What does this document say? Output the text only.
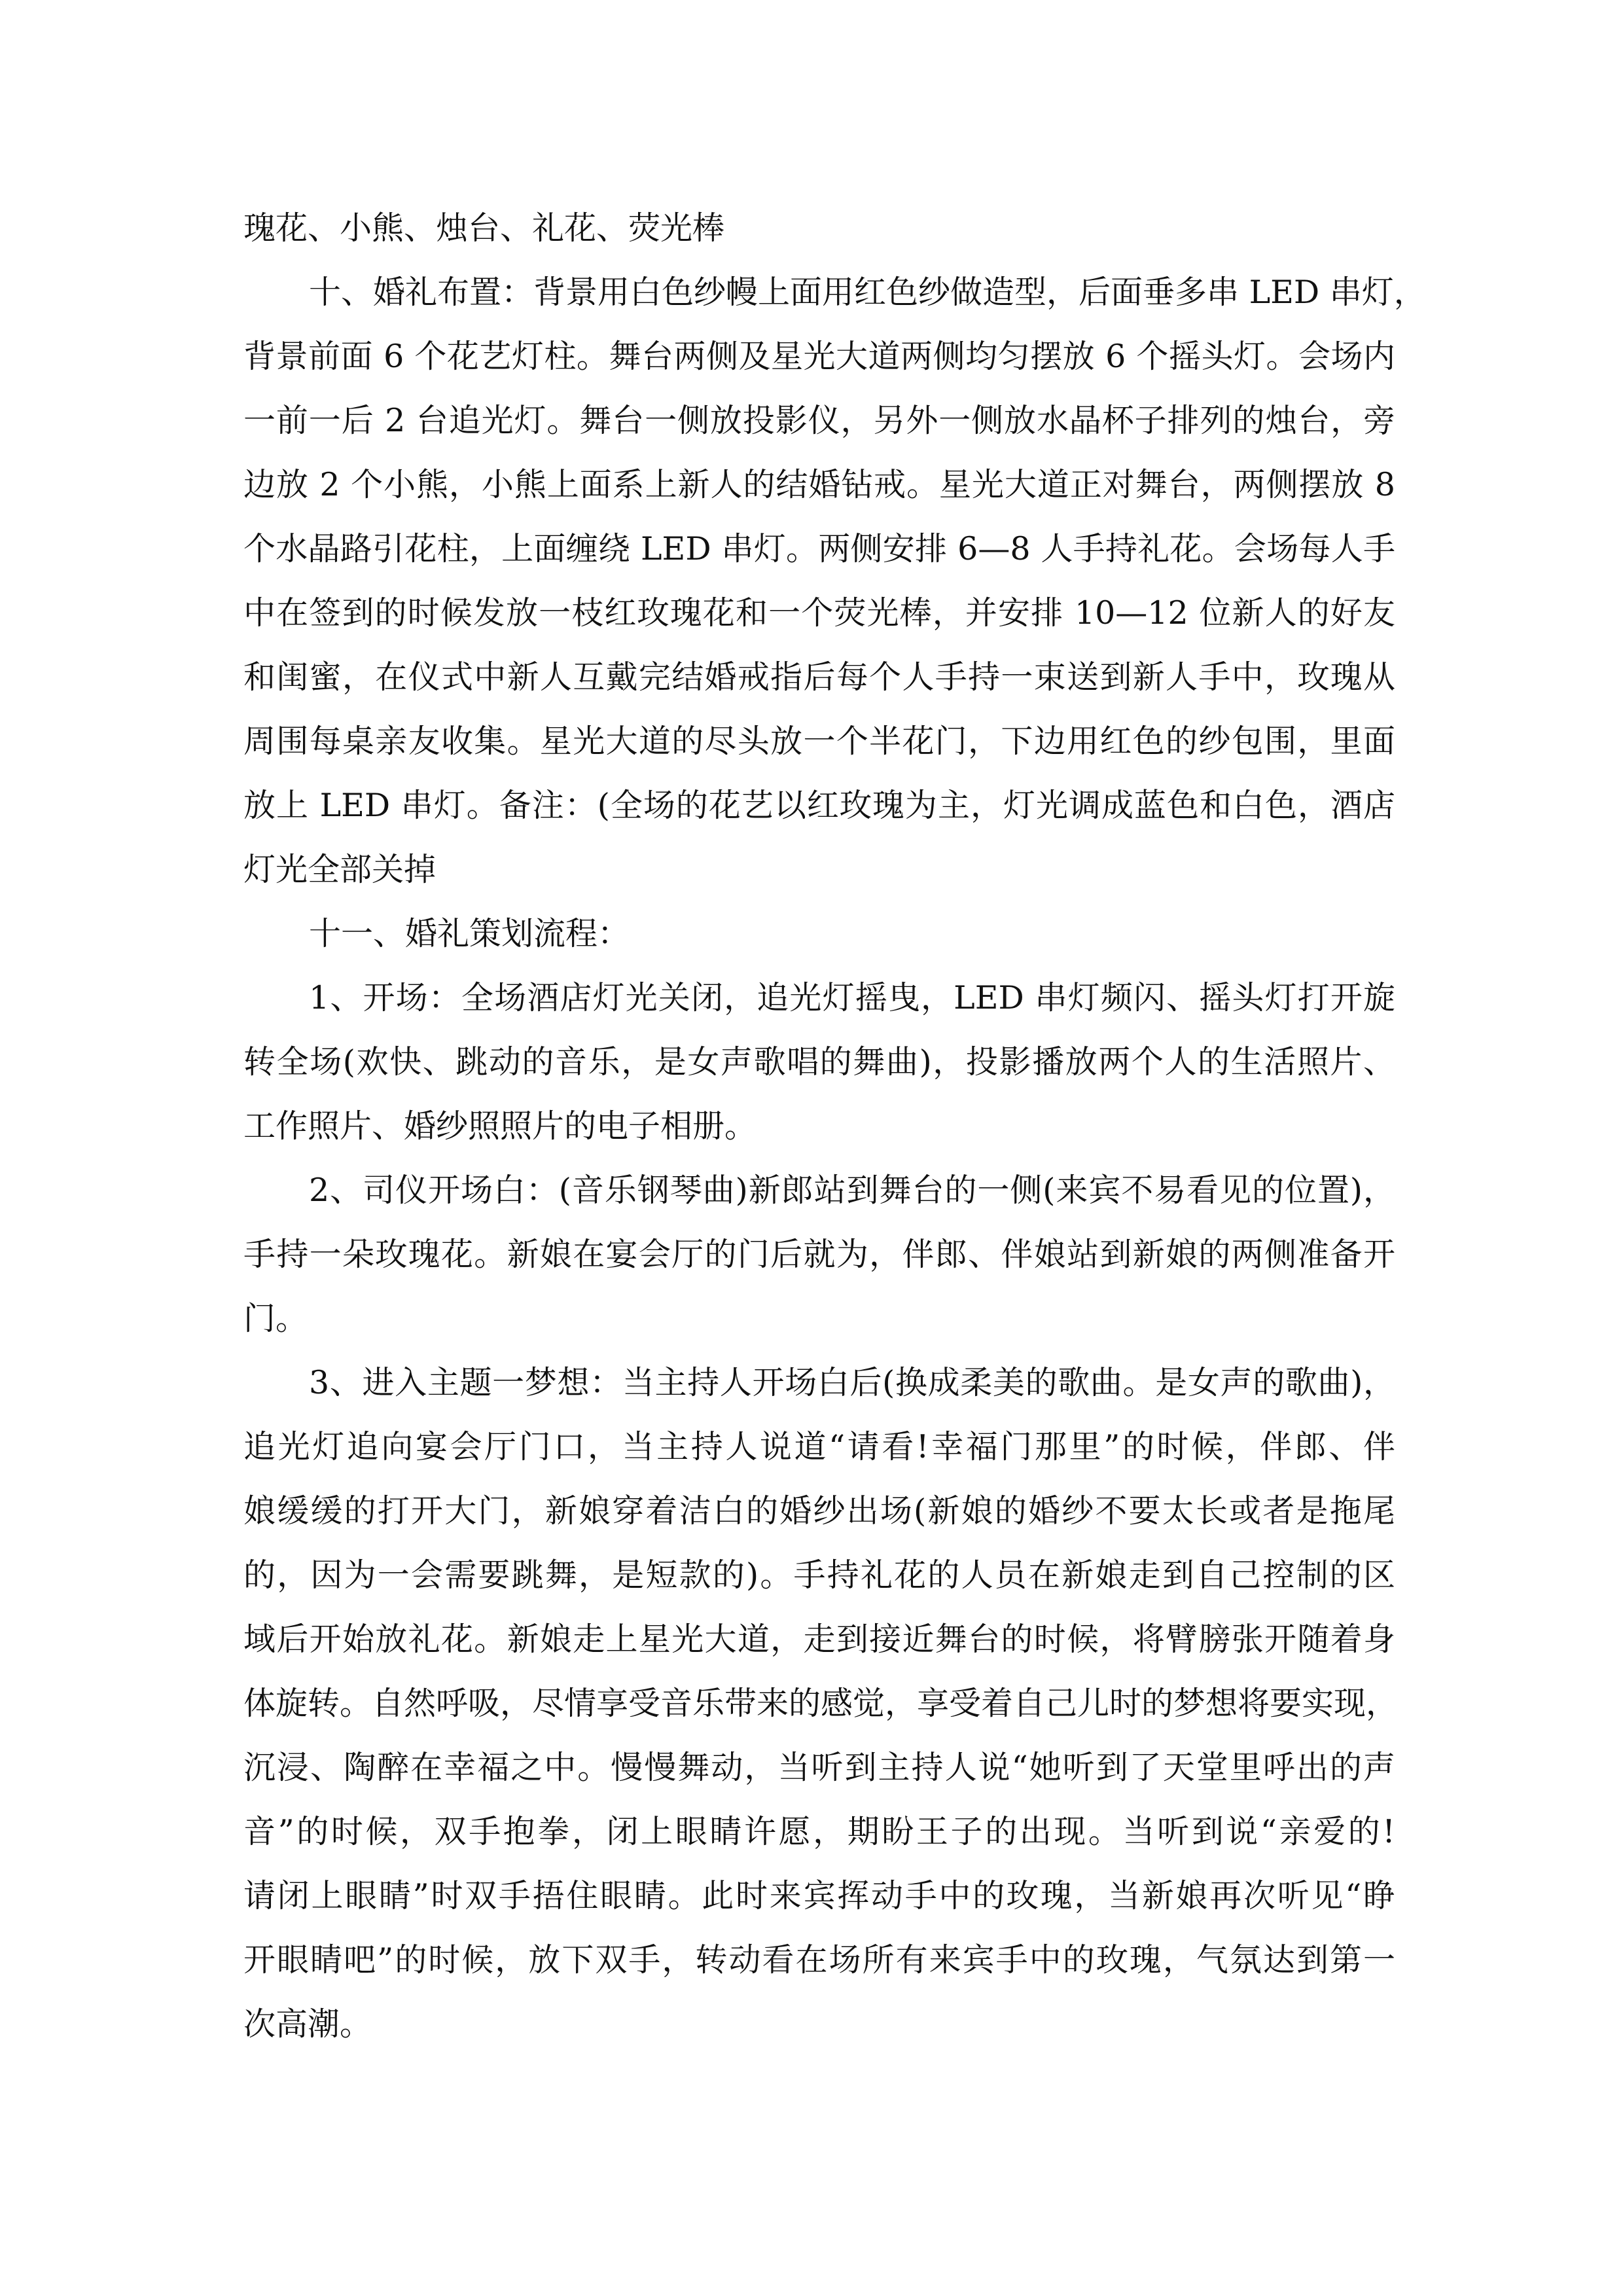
瑰花、小熊、烛台、礼花、荧光棒
十、婚礼布置：背景用白色纱幔上面用红色纱做造型，后面垂多串 LED 串灯，
背景前面 6 个花艺灯柱。舞台两侧及星光大道两侧均匀摆放 6 个摇头灯。会场内
一前一后 2 台追光灯。舞台一侧放投影仪，另外一侧放水晶杯子排列的烛台，旁
边放 2 个小熊，小熊上面系上新人的结婚钻戒。星光大道正对舞台，两侧摆放 8
个水晶路引花柱，上面缠绕 LED 串灯。两侧安排 6—8 人手持礼花。会场每人手
中在签到的时候发放一枝红玫瑰花和一个荧光棒，并安排 10—12 位新人的好友
和闺蜜，在仪式中新人互戴完结婚戒指后每个人手持一束送到新人手中，玫瑰从
周围每桌亲友收集。星光大道的尽头放一个半花门，下边用红色的纱包围，里面
放上 LED 串灯。备注：(全场的花艺以红玫瑰为主，灯光调成蓝色和白色，酒店
灯光全部关掉
十一、婚礼策划流程：
1、开场：全场酒店灯光关闭，追光灯摇曳，LED 串灯频闪、摇头灯打开旋
转全场(欢快、跳动的音乐，是女声歌唱的舞曲)，投影播放两个人的生活照片、
工作照片、婚纱照照片的电子相册。
2、司仪开场白：(音乐钢琴曲)新郎站到舞台的一侧(来宾不易看见的位置)，
手持一朵玫瑰花。新娘在宴会厅的门后就为，伴郎、伴娘站到新娘的两侧准备开
门。
3、进入主题一梦想：当主持人开场白后(换成柔美的歌曲。是女声的歌曲)，
追光灯追向宴会厅门口，当主持人说道“请看!幸福门那里”的时候，伴郎、伴
娘缓缓的打开大门，新娘穿着洁白的婚纱出场(新娘的婚纱不要太长或者是拖尾
的，因为一会需要跳舞，是短款的)。手持礼花的人员在新娘走到自己控制的区
域后开始放礼花。新娘走上星光大道，走到接近舞台的时候，将臂膀张开随着身
体旋转。自然呼吸，尽情享受音乐带来的感觉，享受着自己儿时的梦想将要实现，
沉浸、陶醉在幸福之中。慢慢舞动，当听到主持人说“她听到了天堂里呼出的声
音”的时候，双手抱拳，闭上眼睛许愿，期盼王子的出现。当听到说“亲爱的!
请闭上眼睛”时双手捂住眼睛。此时来宾挥动手中的玫瑰，当新娘再次听见“睁
开眼睛吧”的时候，放下双手，转动看在场所有来宾手中的玫瑰，气氛达到第一
次高潮。
